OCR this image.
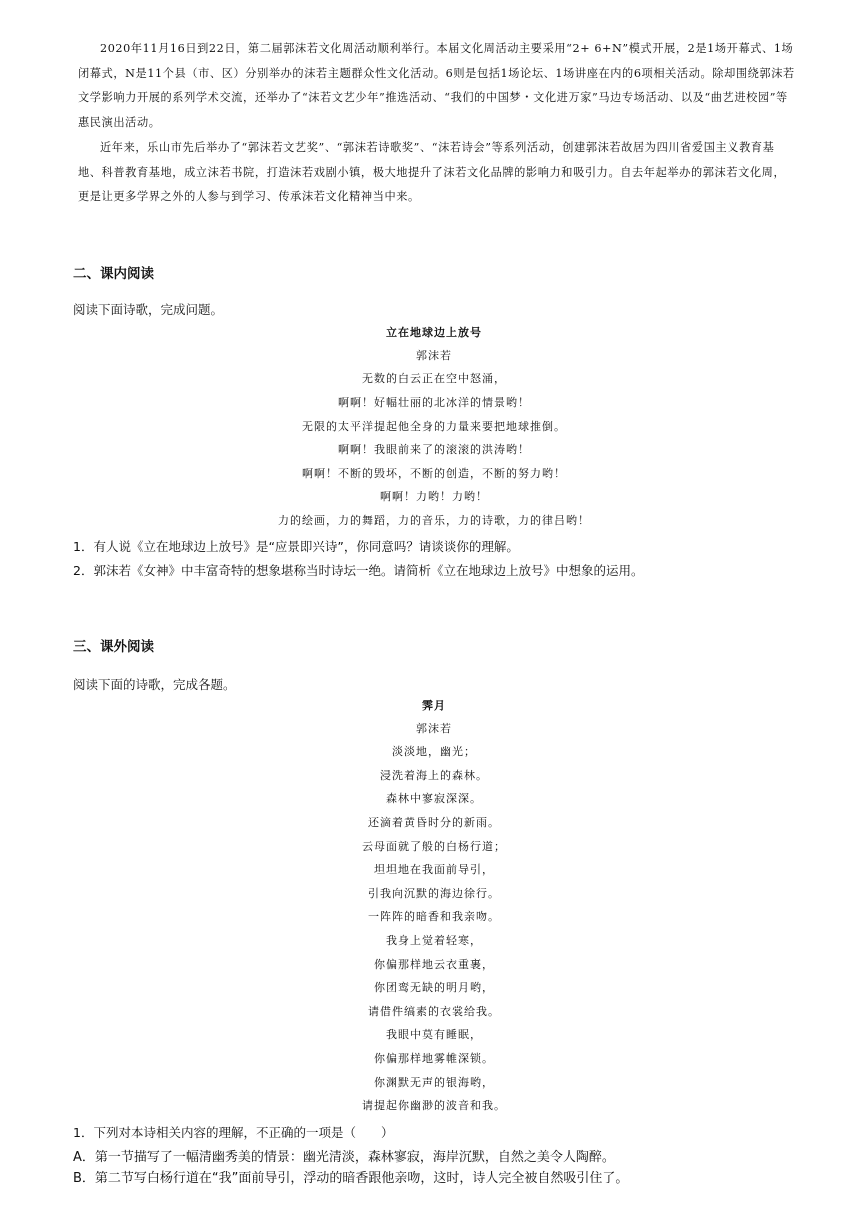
2020年11月16日到22日，第二届郭沫若文化周活动顺利举行。本届文化周活动主要采用“2+ 6+N”模式开展，2是1场开幕式、1场闭幕式，N是11个县（市、区）分别举办的沫若主题群众性文化活动。6则是包括1场论坛、1场讲座在内的6项相关活动。除却围绕郭沫若文学影响力开展的系列学术交流，还举办了“沫若文艺少年”推选活动、“我们的中国梦・文化进万家”马边专场活动、以及“曲艺进校园”等惠民演出活动。

近年来，乐山市先后举办了“郭沫若文艺奖”、“郭沫若诗歌奖”、“沫若诗会”等系列活动，创建郭沫若故居为四川省爱国主义教育基地、科普教育基地，成立沫若书院，打造沫若戏剧小镇，极大地提升了沫若文化品牌的影响力和吸引力。自去年起举办的郭沫若文化周，更是让更多学界之外的人参与到学习、传承沫若文化精神当中来。

二、课内阅读

阅读下面诗歌，完成问题。

立在地球边上放号
郭沫若
无数的白云正在空中怒涌，
啊啊！好幅壮丽的北冰洋的情景哟！
无限的太平洋提起他全身的力量来要把地球推倒。
啊啊！我眼前来了的滚滚的洪涛哟！
啊啊！不断的毁坏，不断的创造，不断的努力哟！
啊啊！力哟！力哟！
力的绘画，力的舞蹈，力的音乐，力的诗歌，力的律吕哟！

1．有人说《立在地球边上放号》是“应景即兴诗”，你同意吗？请谈谈你的理解。

2．郭沫若《女神》中丰富奇特的想象堪称当时诗坛一绝。请简析《立在地球边上放号》中想象的运用。

三、课外阅读

阅读下面的诗歌，完成各题。

霁月
郭沫若
淡淡地，幽光；
浸洗着海上的森林。
森林中寥寂深深。
还滴着黄昏时分的新雨。
云母面就了般的白杨行道；
坦坦地在我面前导引，
引我向沉默的海边徐行。
一阵阵的暗香和我亲吻。
我身上觉着轻寒，
你偏那样地云衣重裹，
你团鸾无缺的明月哟，
请借件缟素的衣裳给我。
我眼中莫有睡眠，
你偏那样地雾帷深锁。
你渊默无声的银海哟，
请提起你幽渺的波音和我。

1．下列对本诗相关内容的理解，不正确的一项是（　　）

A．第一节描写了一幅清幽秀美的情景：幽光清淡，森林寥寂，海岸沉默，自然之美令人陶醉。

B．第二节写白杨行道在“我”面前导引，浮动的暗香跟他亲吻，这时，诗人完全被自然吸引住了。
